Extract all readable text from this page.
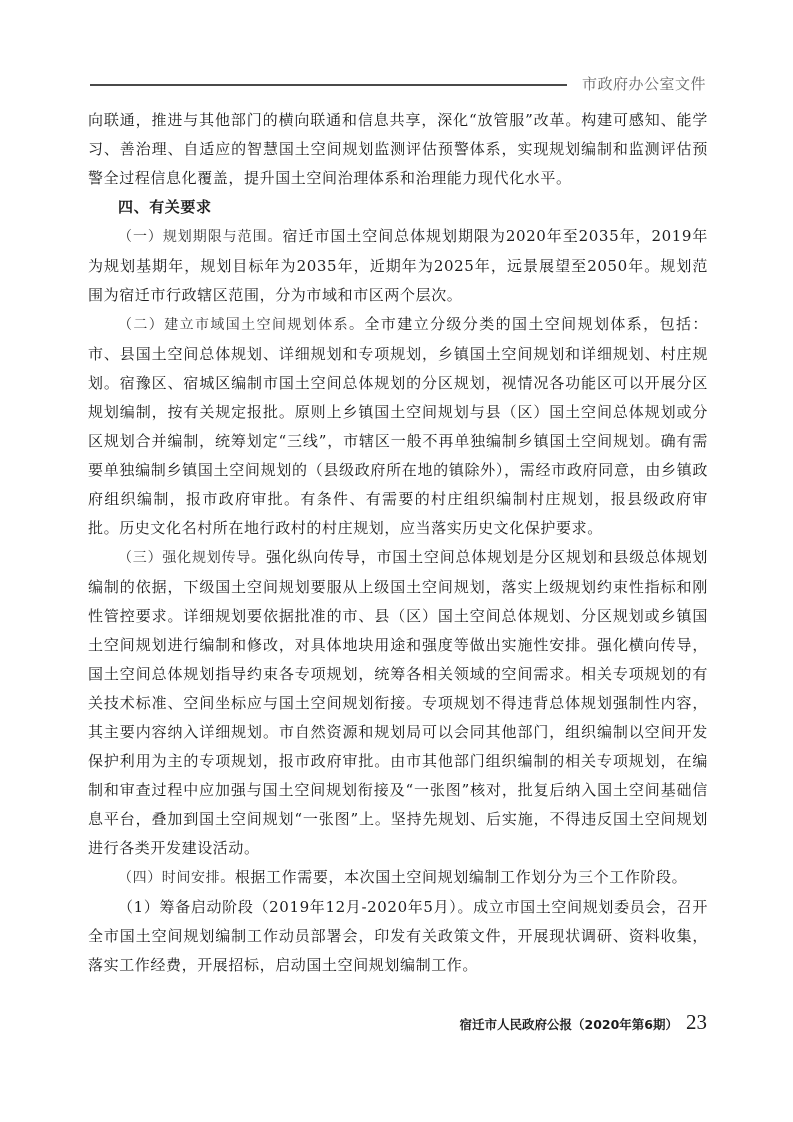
市政府办公室文件

向联通，推进与其他部门的横向联通和信息共享，深化“放管服”改革。构建可感知、能学习、善治理、自适应的智慧国土空间规划监测评估预警体系，实现规划编制和监测评估预警全过程信息化覆盖，提升国土空间治理体系和治理能力现代化水平。

四、有关要求

（一）规划期限与范围。宿迁市国土空间总体规划期限为2020年至2035年，2019年为规划基期年，规划目标年为2035年，近期年为2025年，远景展望至2050年。规划范围为宿迁市行政辖区范围，分为市域和市区两个层次。

（二）建立市域国土空间规划体系。全市建立分级分类的国土空间规划体系，包括：市、县国土空间总体规划、详细规划和专项规划，乡镇国土空间规划和详细规划、村庄规划。宿豫区、宿城区编制市国土空间总体规划的分区规划，视情况各功能区可以开展分区规划编制，按有关规定报批。原则上乡镇国土空间规划与县（区）国土空间总体规划或分区规划合并编制，统筹划定“三线”，市辖区一般不再单独编制乡镇国土空间规划。确有需要单独编制乡镇国土空间规划的（县级政府所在地的镇除外），需经市政府同意，由乡镇政府组织编制，报市政府审批。有条件、有需要的村庄组织编制村庄规划，报县级政府审批。历史文化名村所在地行政村的村庄规划，应当落实历史文化保护要求。

（三）强化规划传导。强化纵向传导，市国土空间总体规划是分区规划和县级总体规划编制的依据，下级国土空间规划要服从上级国土空间规划，落实上级规划约束性指标和刚性管控要求。详细规划要依据批准的市、县（区）国土空间总体规划、分区规划或乡镇国土空间规划进行编制和修改，对具体地块用途和强度等做出实施性安排。强化横向传导，国土空间总体规划指导约束各专项规划，统筹各相关领域的空间需求。相关专项规划的有关技术标准、空间坐标应与国土空间规划衔接。专项规划不得违背总体规划强制性内容，其主要内容纳入详细规划。市自然资源和规划局可以会同其他部门，组织编制以空间开发保护利用为主的专项规划，报市政府审批。由市其他部门组织编制的相关专项规划，在编制和审查过程中应加强与国土空间规划衔接及“一张图”核对，批复后纳入国土空间基础信息平台，叠加到国土空间规划“一张图”上。坚持先规划、后实施，不得违反国土空间规划进行各类开发建设活动。

（四）时间安排。根据工作需要，本次国土空间规划编制工作划分为三个工作阶段。

（1）筹备启动阶段（2019年12月-2020年5月）。成立市国土空间规划委员会，召开全市国土空间规划编制工作动员部署会，印发有关政策文件，开展现状调研、资料收集，落实工作经费，开展招标，启动国土空间规划编制工作。

宿迁市人民政府公报（2020年第6期） 23
